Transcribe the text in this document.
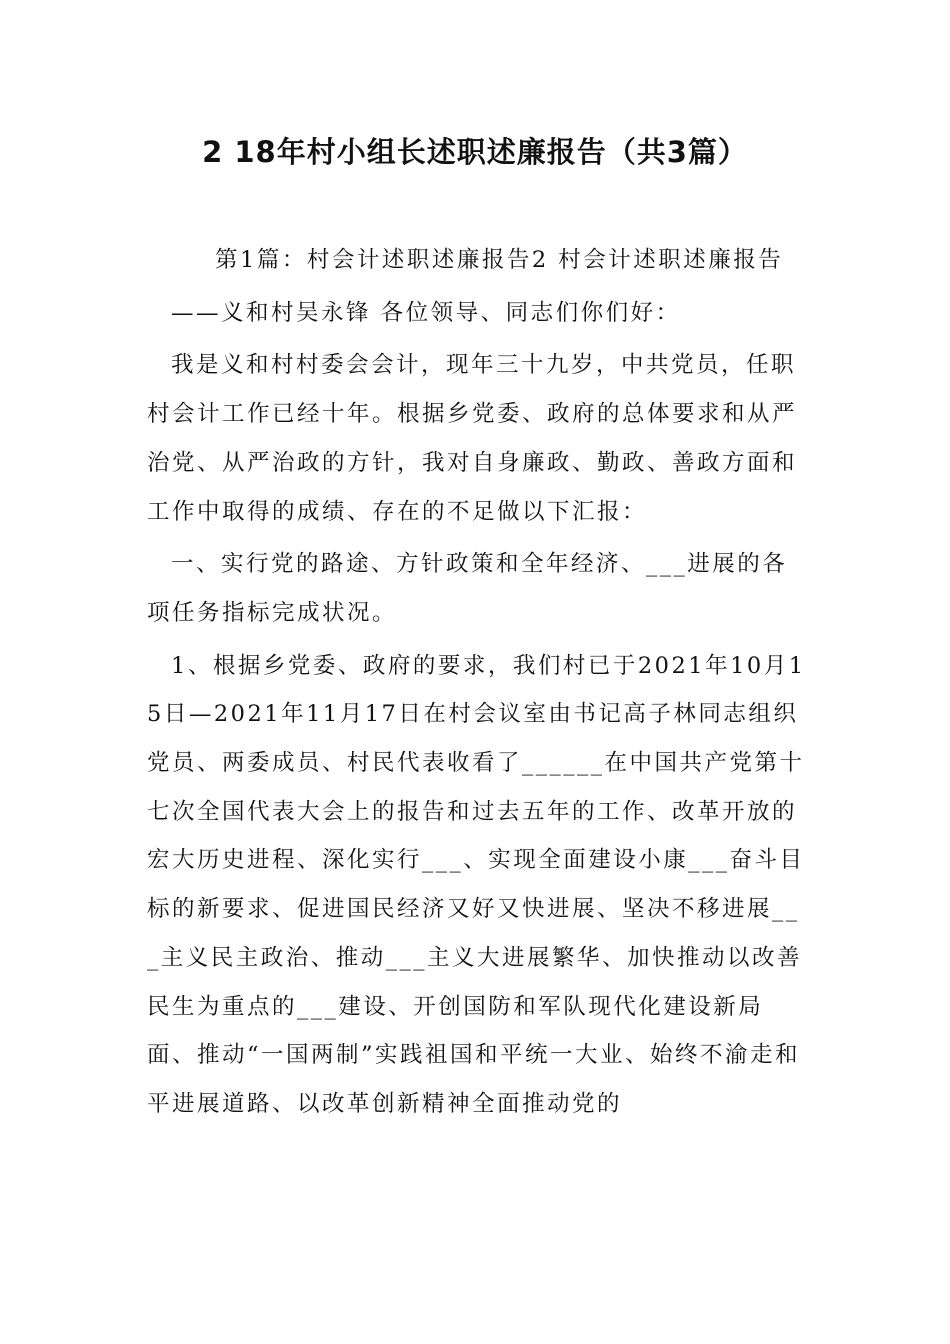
2 18年村小组长述职述廉报告（共3篇）

第1篇：村会计述职述廉报告2 村会计述职述廉报告

——义和村吴永锋 各位领导、同志们你们好：

我是义和村村委会会计，现年三十九岁，中共党员，任职村会计工作已经十年。根据乡党委、政府的总体要求和从严治党、从严治政的方针，我对自身廉政、勤政、善政方面和工作中取得的成绩、存在的不足做以下汇报：

一、实行党的路途、方针政策和全年经济、___进展的各项任务指标完成状况。

1、根据乡党委、政府的要求，我们村已于2021年10月15日—2021年11月17日在村会议室由书记高子林同志组织党员、两委成员、村民代表收看了______在中国共产党第十七次全国代表大会上的报告和过去五年的工作、改革开放的宏大历史进程、深化实行___、实现全面建设小康___奋斗目标的新要求、促进国民经济又好又快进展、坚决不移进展___主义民主政治、推动___主义大进展繁华、加快推动以改善民生为重点的___建设、开创国防和军队现代化建设新局面、推动“一国两制”实践祖国和平统一大业、始终不渝走和平进展道路、以改革创新精神全面推动党的
